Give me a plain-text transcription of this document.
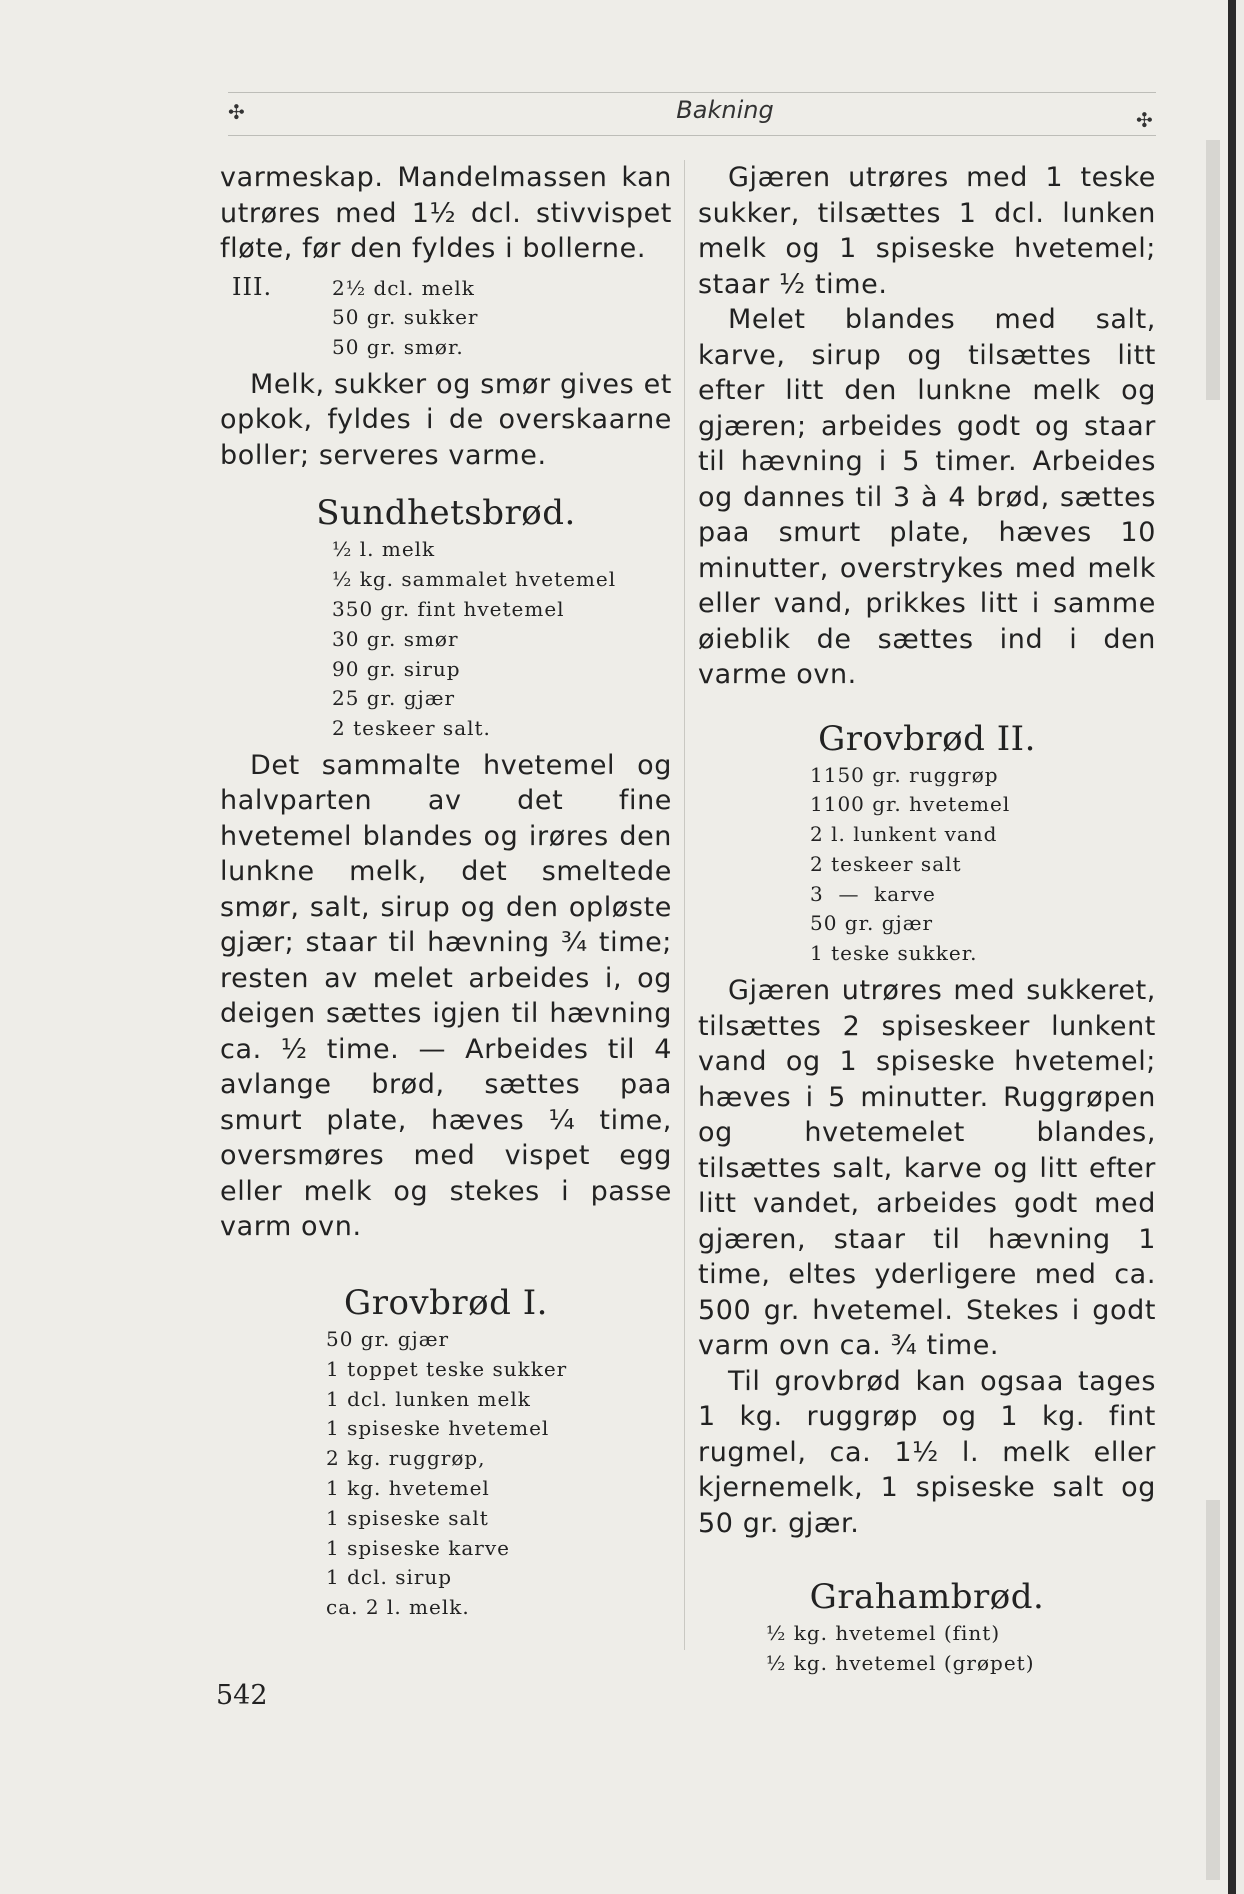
✣	Bakning	✣

varmeskap. Mandelmassen kan utrøres med 1½ dcl. stivvispet fløte, før den fyldes i bollerne.

III.	2½ dcl. melk
50 gr. sukker
50 gr. smør.

Melk, sukker og smør gives et opkok, fyldes i de overskaarne boller; serveres varme.

Sundhetsbrød.
½ l. melk
½ kg. sammalet hvetemel
350 gr. fint hvetemel
30 gr. smør
90 gr. sirup
25 gr. gjær
2 teskeer salt.

Det sammalte hvetemel og halvparten av det fine hvetemel blandes og irøres den lunkne melk, det smeltede smør, salt, sirup og den opløste gjær; staar til hævning ¾ time; resten av melet arbeides i, og deigen sættes igjen til hævning ca. ½ time. — Arbeides til 4 avlange brød, sættes paa smurt plate, hæves ¼ time, oversmøres med vispet egg eller melk og stekes i passe varm ovn.

Grovbrød I.
50 gr. gjær
1 toppet teske sukker
1 dcl. lunken melk
1 spiseske hvetemel
2 kg. ruggrøp,
1 kg. hvetemel
1 spiseske salt
1 spiseske karve
1 dcl. sirup
ca. 2 l. melk.

Gjæren utrøres med 1 teske sukker, tilsættes 1 dcl. lunken melk og 1 spiseske hvetemel; staar ½ time.

Melet blandes med salt, karve, sirup og tilsættes litt efter litt den lunkne melk og gjæren; arbeides godt og staar til hævning i 5 timer. Arbeides og dannes til 3 à 4 brød, sættes paa smurt plate, hæves 10 minutter, overstrykes med melk eller vand, prikkes litt i samme øieblik de sættes ind i den varme ovn.

Grovbrød II.
1150 gr. ruggrøp
1100 gr. hvetemel
2 l. lunkent vand
2 teskeer salt
3  —  karve
50 gr. gjær
1 teske sukker.

Gjæren utrøres med sukkeret, tilsættes 2 spiseskeer lunkent vand og 1 spiseske hvetemel; hæves i 5 minutter. Ruggrøpen og hvetemelet blandes, tilsættes salt, karve og litt efter litt vandet, arbeides godt med gjæren, staar til hævning 1 time, eltes yderligere med ca. 500 gr. hvetemel. Stekes i godt varm ovn ca. ¾ time.

Til grovbrød kan ogsaa tages 1 kg. ruggrøp og 1 kg. fint rugmel, ca. 1½ l. melk eller kjernemelk, 1 spiseske salt og 50 gr. gjær.

Grahambrød.
½ kg. hvetemel (fint)
½ kg. hvetemel (grøpet)
542
